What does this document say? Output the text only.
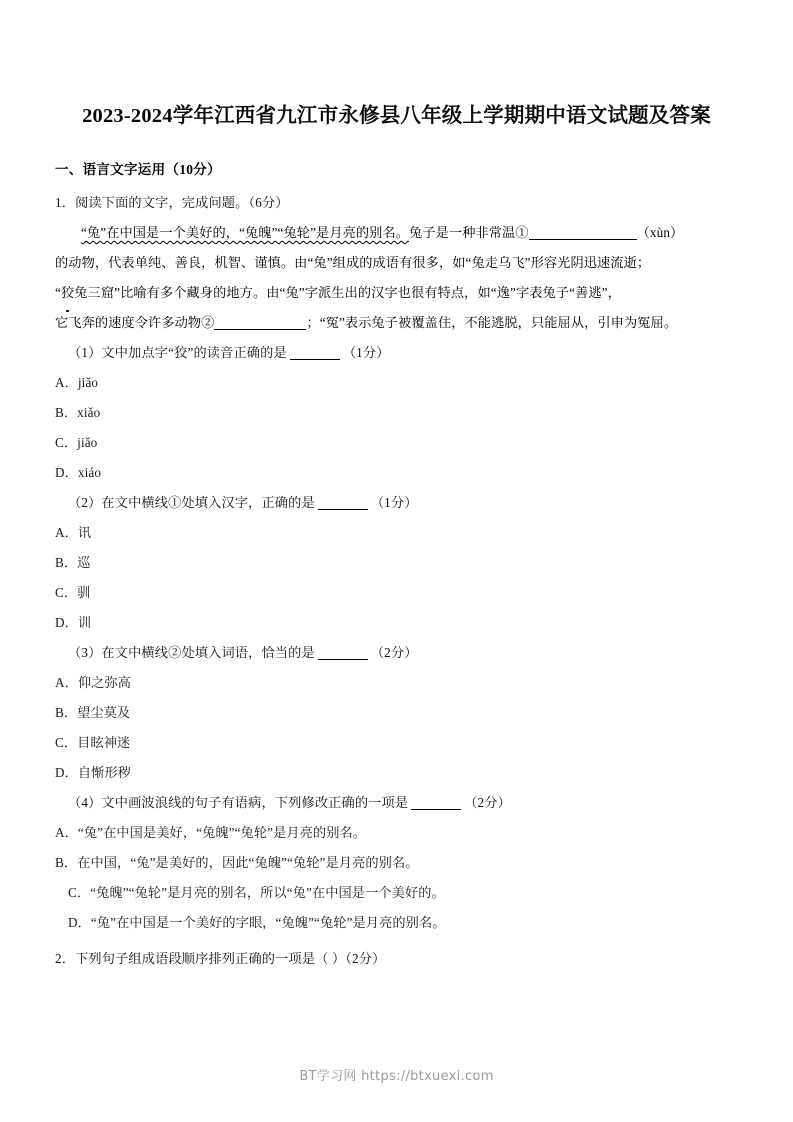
2023-2024学年江西省九江市永修县八年级上学期期中语文试题及答案
一、语言文字运用（10分）
1．阅读下面的文字，完成问题。（6分）
“兔”在中国是一个美好的，“兔魄”“兔轮”是月亮的别名。兔子是一种非常温①	（xùn）
的动物，代表单纯、善良，机智、谨慎。由“兔”组成的成语有很多，如“兔走乌飞”形容光阴迅速流逝；
“狡兔三窟”比喻有多个藏身的地方。由“兔”字派生出的汉字也很有特点，如“逸”字表兔子“善逃”，
它飞奔的速度令许多动物②	；“冤”表示兔子被覆盖住，不能逃脱，只能屈从，引申为冤屈。
（1）文中加点字“狡”的读音正确的是	（1分）
A．jiǎo
B．xiǎo
C．jiǎo
D．xiáo
（2）在文中横线①处填入汉字，正确的是	（1分）
A．讯
B．巡
C．驯
D．训
（3）在文中横线②处填入词语，恰当的是	（2分）
A．仰之弥高
B．望尘莫及
C．目眩神迷
D．自惭形秽
（4）文中画波浪线的句子有语病，下列修改正确的一项是	（2分）
A．“兔”在中国是美好，“兔魄”“兔轮”是月亮的别名。
B．在中国，“兔”是美好的，因此“兔魄”“兔轮”是月亮的别名。
C．“兔魄”“兔轮”是月亮的别名，所以“兔”在中国是一个美好的。
D．“兔”在中国是一个美好的字眼，“兔魄”“兔轮”是月亮的别名。
2．下列句子组成语段顺序排列正确的一项是（ ）（2分）
BT学习网 https://btxuexi.com
